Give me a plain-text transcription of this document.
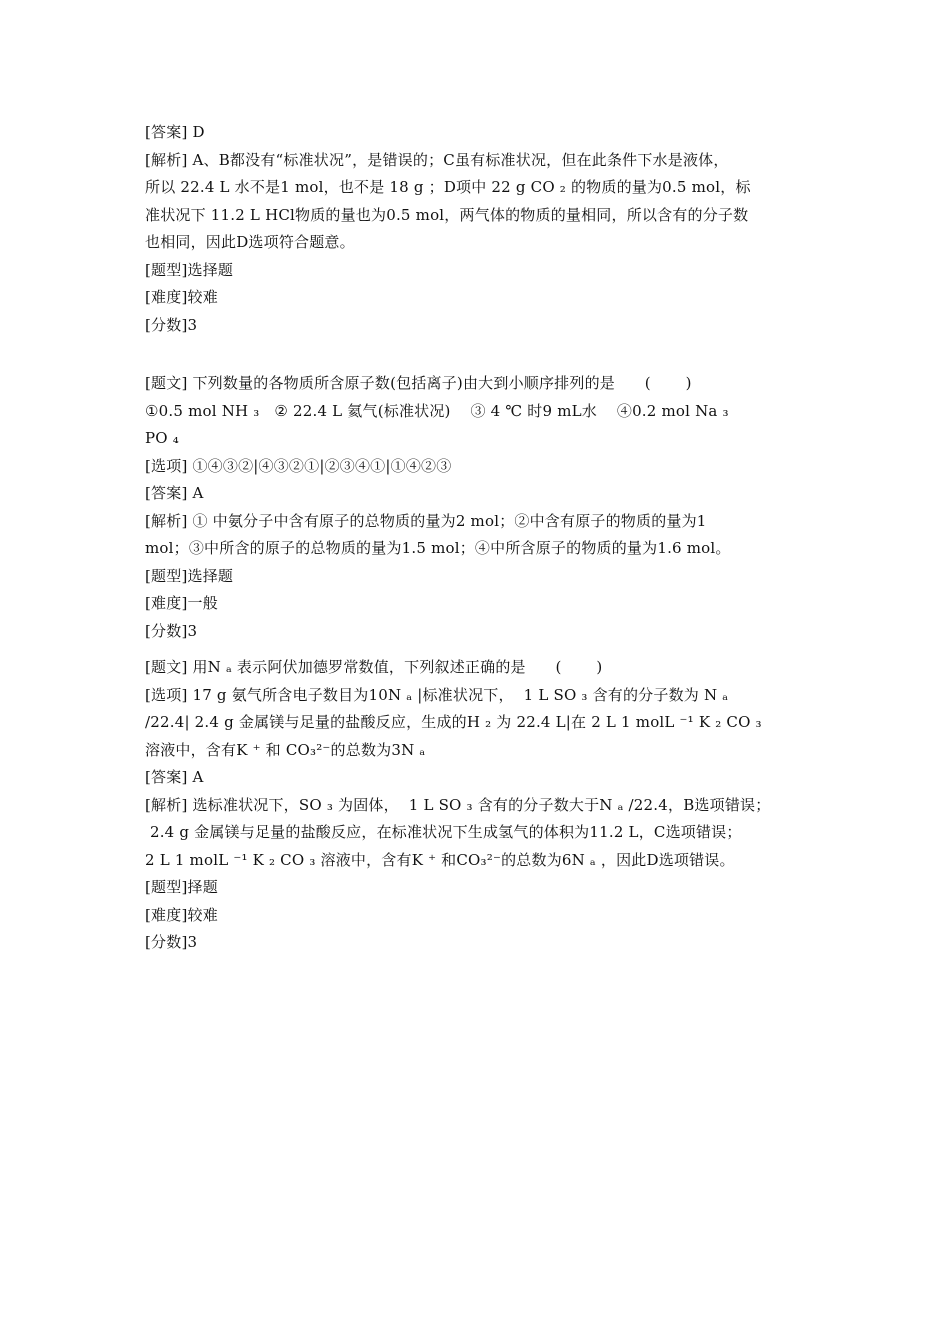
[答案] D

[解析] A、B都没有“标准状况”，是错误的；C虽有标准状况，但在此条件下水是液体，

所以 22.4 L 水不是1 mol，也不是 18 g ；D项中 22 g CO ₂ 的物质的量为0.5 mol，标

准状况下 11.2 L HCl物质的量也为0.5 mol，两气体的物质的量相同，所以含有的分子数

也相同，因此D选项符合题意。

[题型]选择题

[难度]较难

[分数]3

[题文] 下列数量的各物质所含原子数(包括离子)由大到小顺序排列的是      (       )

①0.5 mol NH ₃   ② 22.4 L 氦气(标准状况)    ③ 4 ℃ 时9 mL水    ④0.2 mol Na ₃

PO ₄

[选项] ①④③②|④③②①|②③④①|①④②③

[答案] A

[解析] ① 中氨分子中含有原子的总物质的量为2 mol；②中含有原子的物质的量为1

mol；③中所含的原子的总物质的量为1.5 mol；④中所含原子的物质的量为1.6 mol。

[题型]选择题

[难度]一般

[分数]3

[题文] 用N ₐ 表示阿伏加德罗常数值，下列叙述正确的是      (       )

[选项] 17 g 氨气所含电子数目为10N ₐ |标准状况下，  1 L SO ₃ 含有的分子数为 N ₐ

/22.4| 2.4 g 金属镁与足量的盐酸反应，生成的H ₂ 为 22.4 L|在 2 L 1 molL ⁻¹ K ₂ CO ₃

溶液中，含有K ⁺ 和 CO₃²⁻的总数为3N ₐ

[答案] A

[解析] 选标准状况下，SO ₃ 为固体，  1 L SO ₃ 含有的分子数大于N ₐ /22.4，B选项错误；

2.4 g 金属镁与足量的盐酸反应，在标准状况下生成氢气的体积为11.2 L，C选项错误；

2 L 1 molL ⁻¹ K ₂ CO ₃ 溶液中，含有K ⁺ 和CO₃²⁻的总数为6N ₐ ，因此D选项错误。

[题型]择题

[难度]较难

[分数]3
